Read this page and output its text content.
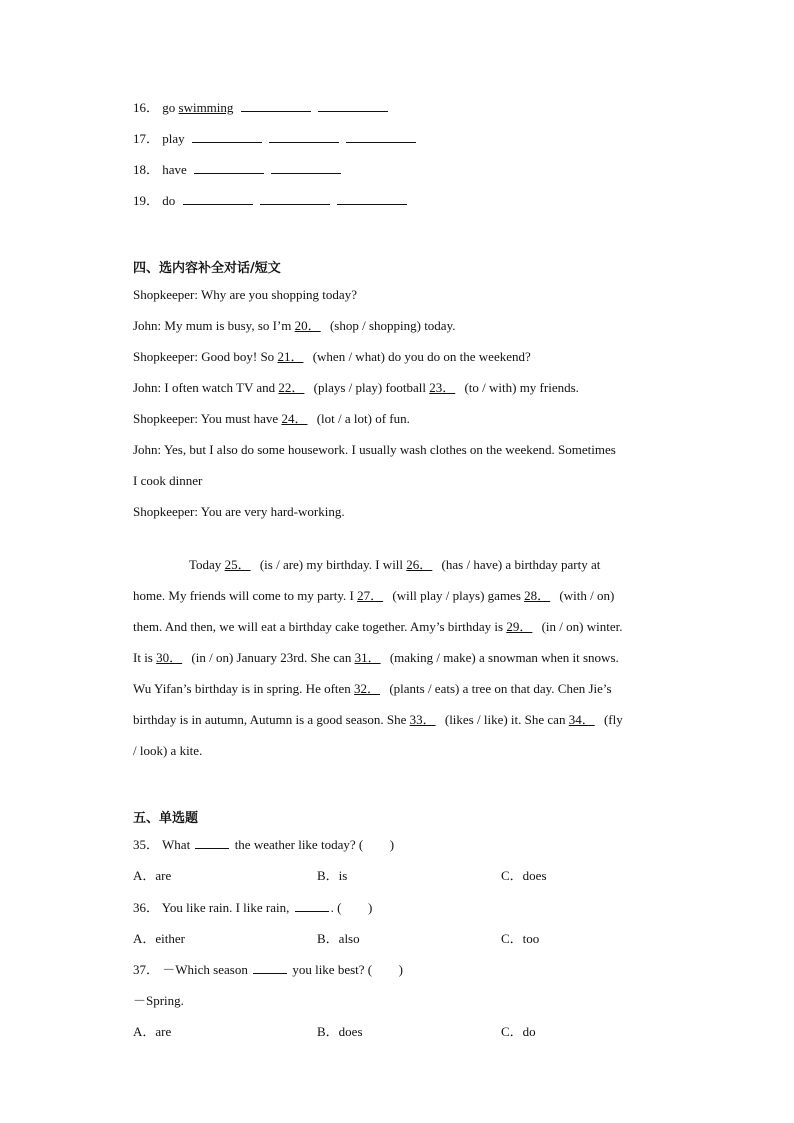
16． go swimming
17． play
18． have
19． do
四、选内容补全对话/短文
Shopkeeper: Why are you shopping today?
John: My mum is busy, so I’m 20． (shop / shopping) today.
Shopkeeper: Good boy! So 21． (when / what) do you do on the weekend?
John: I often watch TV and 22． (plays / play) football 23． (to / with) my friends.
Shopkeeper: You must have 24． (lot / a lot) of fun.
John: Yes, but I also do some housework. I usually wash clothes on the weekend. Sometimes
I cook dinner
Shopkeeper: You are very hard-working.
Today 25． (is / are) my birthday. I will 26． (has / have) a birthday party at
home. My friends will come to my party. I 27． (will play / plays) games 28． (with / on)
them. And then, we will eat a birthday cake together. Amy’s birthday is 29． (in / on) winter.
It is 30． (in / on) January 23rd. She can 31． (making / make) a snowman when it snows.
Wu Yifan’s birthday is in spring. He often 32． (plants / eats) a tree on that day. Chen Jie’s
birthday is in autumn, Autumn is a good season. She 33． (likes / like) it. She can 34． (fly
/ look) a kite.
五、单选题
35． What	the weather like today? ( )
A．are	B．is	C．does
36． You like rain. I like rain,	. ( )
A．either	B．also	C．too
37． －Which season	you like best? ( )
－Spring.
A．are	B．does	C．do
